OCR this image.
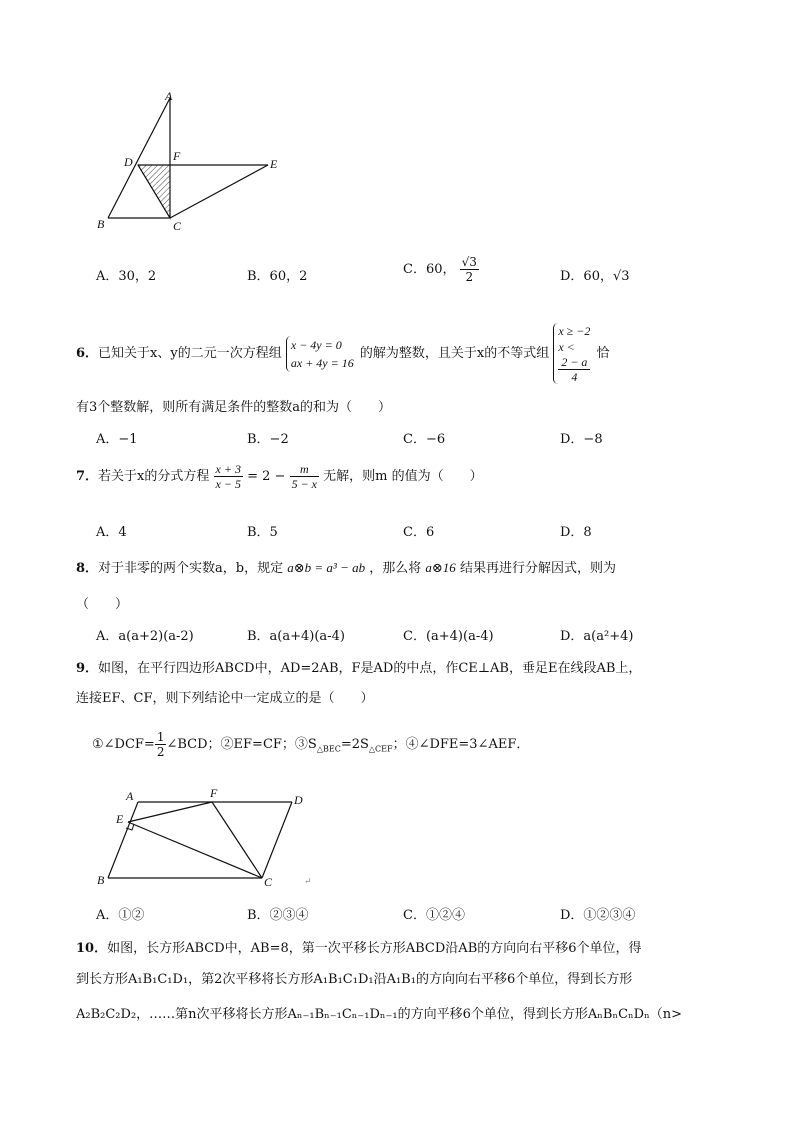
A
F
D	E
B	C
A．30，2	B．60，2	C．60， $\frac{√3}{2}$	D．60，√3
6．已知关于x、y的二元一次方程组
x − 4y = 0
ax + 4y = 16
的解为整数，且关于x的不等式组
x ≥ −2
x <
2 − a
4
恰
有3个整数解，则所有满足条件的整数a的和为（　　）
A．−1	B．−2	C．−6	D．−8
7．若关于x的分式方程 $\frac{x + 3}{x - 5} = 2 - \frac{m}{5 - x}$ 无解，则m 的值为（　　）
A．4	B．5	C．6	D．8
8．对于非零的两个实数a，b，规定 a⊗b = a³ − ab ，那么将 a⊗16 结果再进行分解因式，则为
（　　）
A．a(a+2)(a-2)	B．a(a+4)(a-4)	C．(a+4)(a-4)	D．a(a²+4)
9．如图，在平行四边形ABCD中，AD=2AB，F是AD的中点，作CE⊥AB，垂足E在线段AB上，
连接EF、CF，则下列结论中一定成立的是（　　）
①∠DCF= $\frac{1}{2}$ ∠BCD；②EF=CF；$③S_{\triangle BEC}=2S_{\triangle CEF}$；④∠DFE=3∠AEF．
A	F	D
E
B	C	↵
A．①②	B．②③④	C．①②④	D．①②③④
10．如图，长方形ABCD中，AB=8，第一次平移长方形ABCD沿AB的方向向右平移6个单位，得
到长方形A₁B₁C₁D₁，第2次平移将长方形A₁B₁C₁D₁沿A₁B₁的方向向右平移6个单位，得到长方形
A₂B₂C₂D₂，……第n次平移将长方形Aₙ₋₁Bₙ₋₁Cₙ₋₁Dₙ₋₁的方向平移6个单位，得到长方形AₙBₙCₙDₙ（n>
